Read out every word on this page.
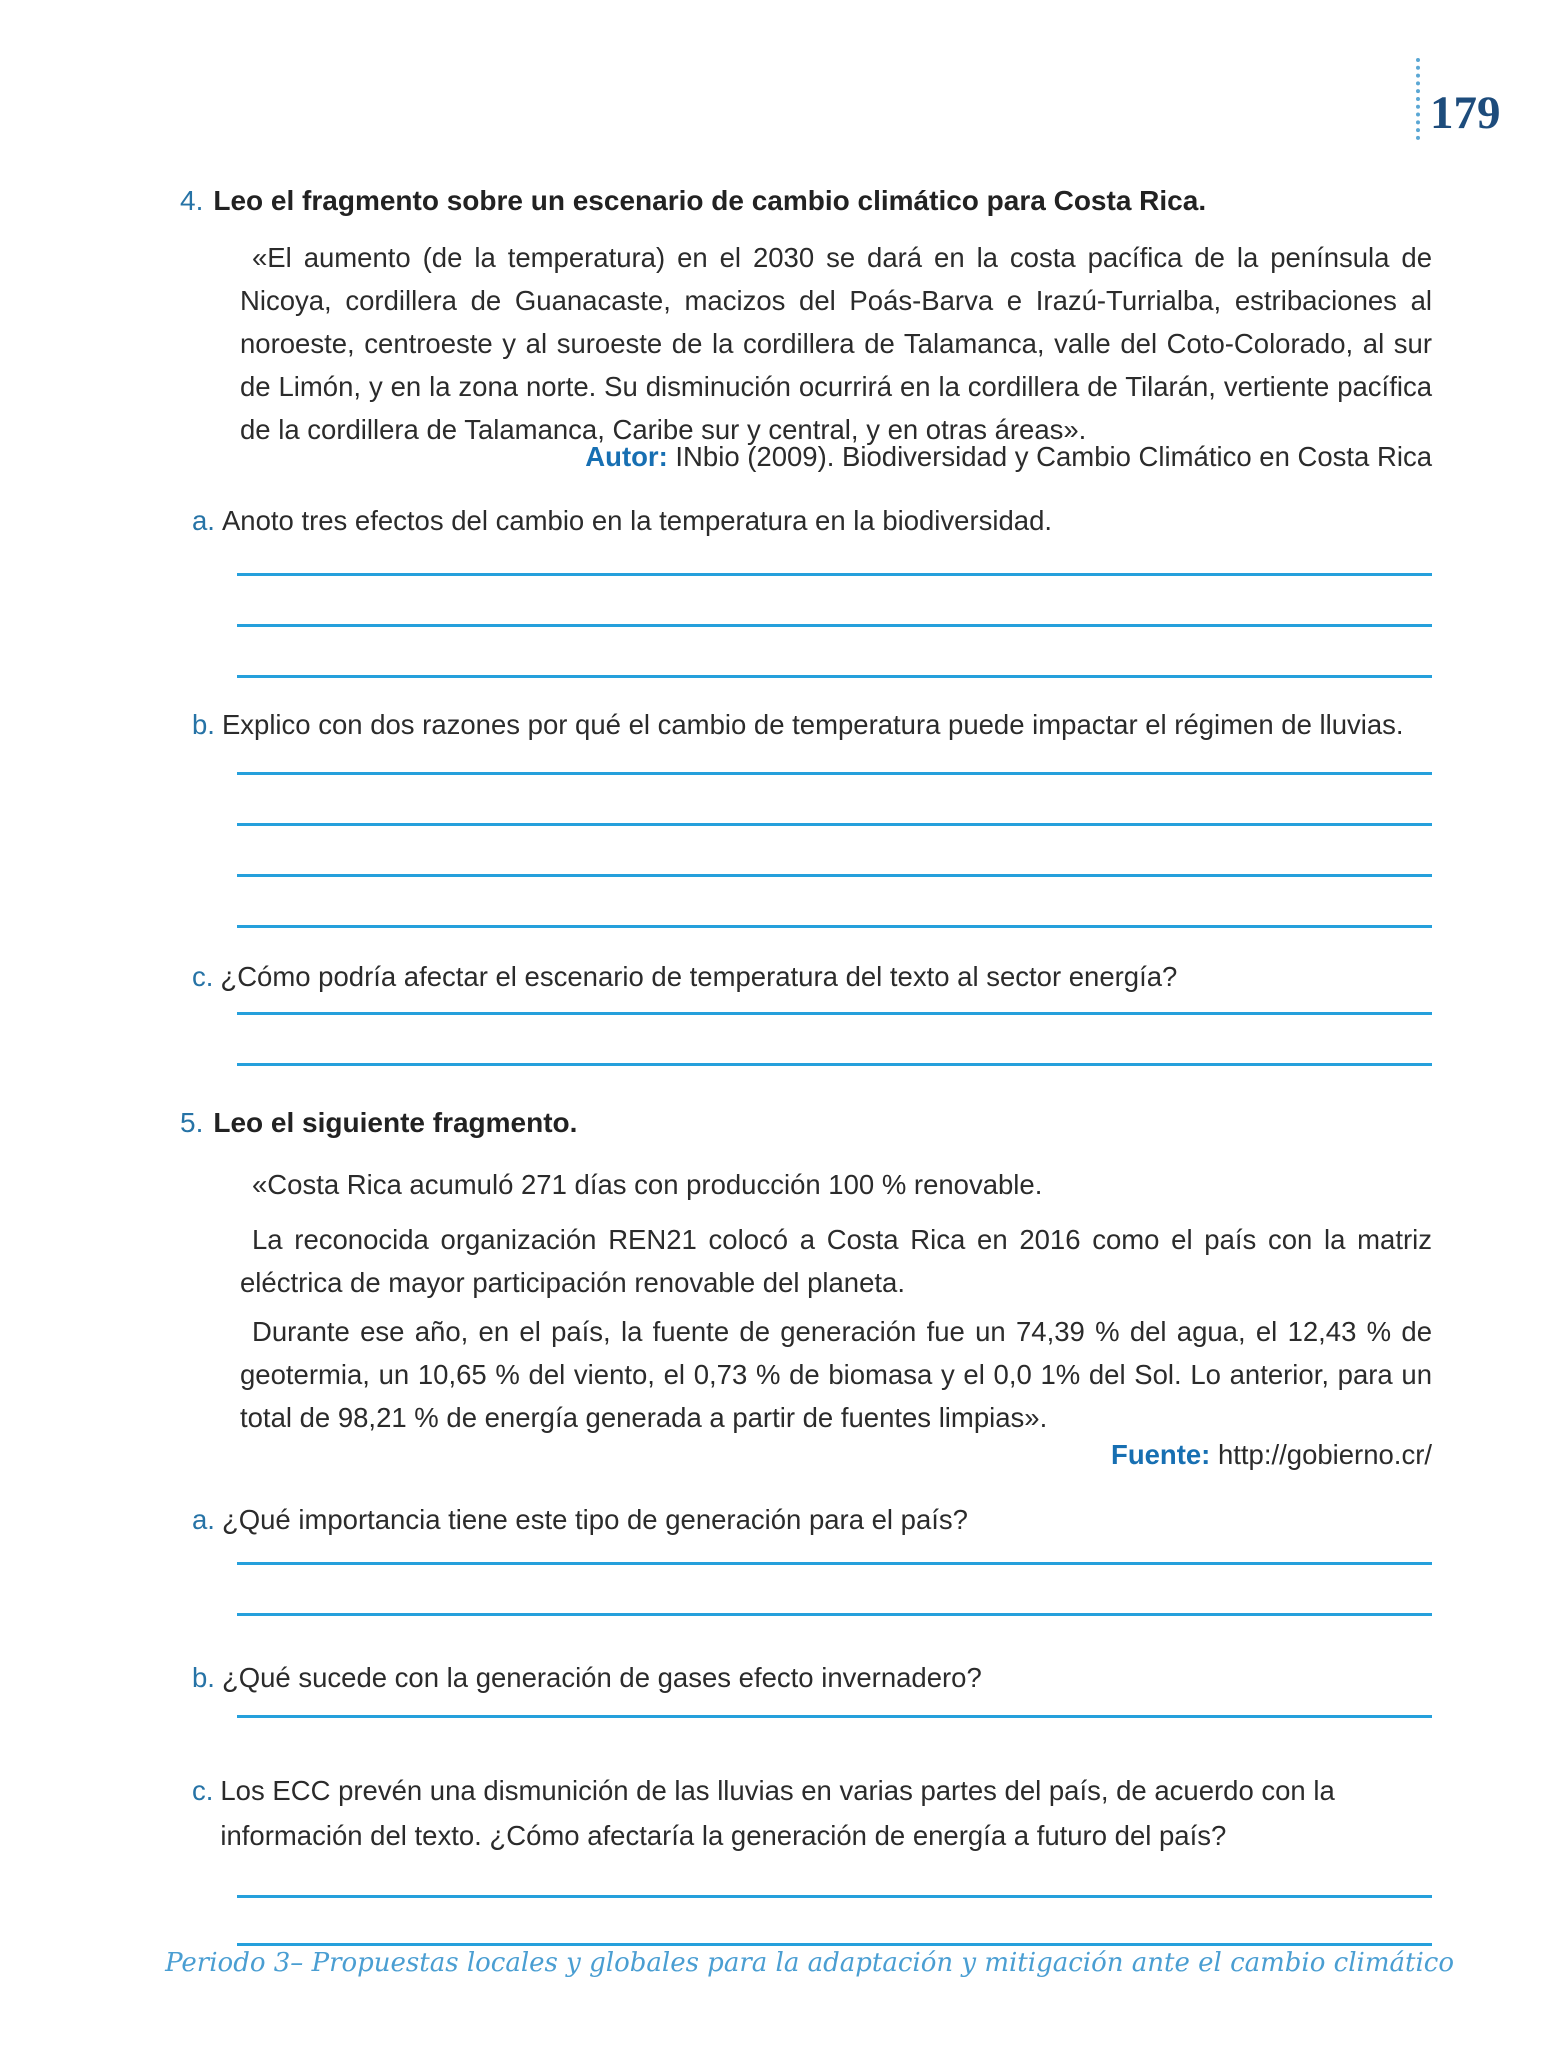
179
4. Leo el fragmento sobre un escenario de cambio climático para Costa Rica.
«El aumento (de la temperatura) en el 2030 se dará en la costa pacífica de la península de Nicoya, cordillera de Guanacaste, macizos del Poás-Barva e Irazú-Turrialba, estribaciones al noroeste, centroeste y al suroeste de la cordillera de Talamanca, valle del Coto-Colorado, al sur de Limón, y en la zona norte. Su disminución ocurrirá en la cordillera de Tilarán, vertiente pacífica de la cordillera de Talamanca, Caribe sur y central, y en otras áreas».
Autor: INbio (2009). Biodiversidad y Cambio Climático en Costa Rica
a. Anoto tres efectos del cambio en la temperatura en la biodiversidad.
b. Explico con dos razones por qué el cambio de temperatura puede impactar el régimen de lluvias.
c. ¿Cómo podría afectar el escenario de temperatura del texto al sector energía?
5. Leo el siguiente fragmento.
«Costa Rica acumuló 271 días con producción 100 % renovable.
La reconocida organización REN21 colocó a Costa Rica en 2016 como el país con la matriz eléctrica de mayor participación renovable del planeta.
Durante ese año, en el país, la fuente de generación fue un 74,39 % del agua, el 12,43 % de geotermia, un 10,65 % del viento, el 0,73 % de biomasa y el 0,0 1% del Sol. Lo anterior, para un total de 98,21 % de energía generada a partir de fuentes limpias».
Fuente: http://gobierno.cr/
a. ¿Qué importancia tiene este tipo de generación para el país?
b. ¿Qué sucede con la generación de gases efecto invernadero?
c. Los ECC prevén una dismunición de las lluvias en varias partes del país, de acuerdo con la información del texto. ¿Cómo afectaría la generación de energía a futuro del país?
Periodo 3– Propuestas locales y globales para la adaptación y mitigación ante el cambio climático
